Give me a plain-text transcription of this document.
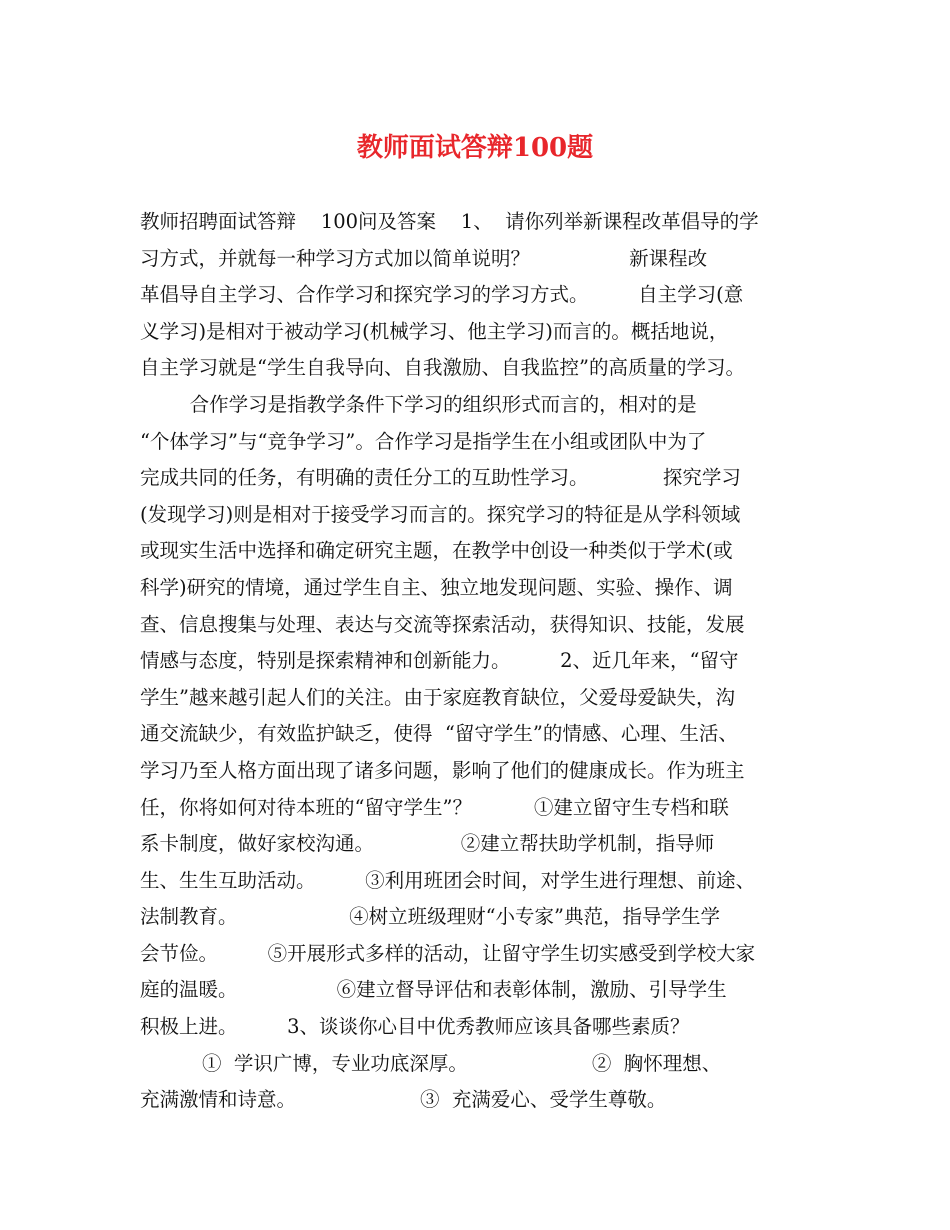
教师面试答辩100题
教师招聘面试答辩    100问及答案    1、  请你列举新课程改革倡导的学
习方式，并就每一种学习方式加以简单说明？                新课程改
革倡导自主学习、合作学习和探究学习的学习方式。        自主学习(意
义学习)是相对于被动学习(机械学习、他主学习)而言的。概括地说，
自主学习就是“学生自我导向、自我激励、自我监控”的高质量的学习。
合作学习是指教学条件下学习的组织形式而言的，相对的是
“个体学习”与“竞争学习”。合作学习是指学生在小组或团队中为了
完成共同的任务，有明确的责任分工的互助性学习。            探究学习
(发现学习)则是相对于接受学习而言的。探究学习的特征是从学科领域
或现实生活中选择和确定研究主题，在教学中创设一种类似于学术(或
科学)研究的情境，通过学生自主、独立地发现问题、实验、操作、调
查、信息搜集与处理、表达与交流等探索活动，获得知识、技能，发展
情感与态度，特别是探索精神和创新能力。        2、近几年来，“留守
学生”越来越引起人们的关注。由于家庭教育缺位，父爱母爱缺失，沟
通交流缺少，有效监护缺乏，使得  “留守学生”的情感、心理、生活、
学习乃至人格方面出现了诸多问题，影响了他们的健康成长。作为班主
任，你将如何对待本班的“留守学生”？          ①建立留守生专档和联
系卡制度，做好家校沟通。              ②建立帮扶助学机制，指导师
生、生生互助活动。        ③利用班团会时间，对学生进行理想、前途、
法制教育。                  ④树立班级理财“小专家”典范，指导学生学
会节俭。        ⑤开展形式多样的活动，让留守学生切实感受到学校大家
庭的温暖。                ⑥建立督导评估和表彰体制，激励、引导学生
积极上进。        3、谈谈你心目中优秀教师应该具备哪些素质？
①  学识广博，专业功底深厚。                    ②  胸怀理想、
充满激情和诗意。                    ③  充满爱心、受学生尊敬。
